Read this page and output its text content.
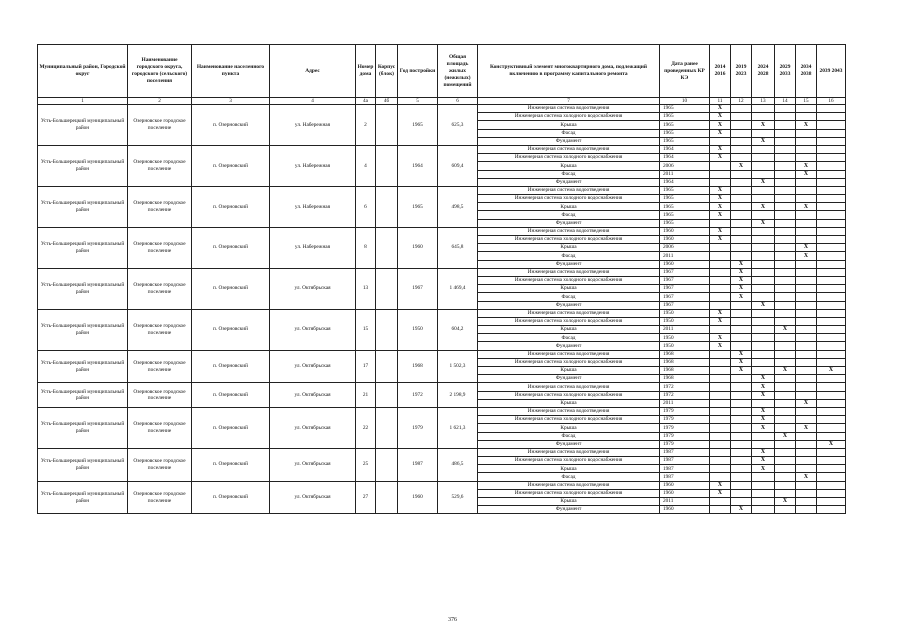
Муниципальный район, Городской округ	Наименование городского округа, городского (сельского) поселения	Наименование населенного пункта	Адрес	Номер дома	Корпус (блок)	Год постройки	Общая площадь жилых (нежилых) помещений	Конструктивный элемент многоквартирного дома, подлежащий включению в программу капитального ремонта	Дата ранее проведенных КР КЭ	2014 2016	2019 2023	2024 2028	2029 2033	2034 2038	2039 2043
1	2	3	4	4а	4б	5	6	7	10	11	12	13	14	15	16
Усть-Большерецкий муниципальный район	Озерновское городское поселение	п. Озерновский	ул. Набережная	2		1965	625,3	Инженерная система водоотведения	1965	X					
								Инженерная система холодного водоснабжения	1965	X					
								Крыша	1965	X		X		X	
								Фасад	1965	X					
								Фундамент	1965			X			
Усть-Большерецкий муниципальный район	Озерновское городское поселение	п. Озерновский	ул. Набережная	4		1964	609,4	Инженерная система водоотведения	1964	X					
								Инженерная система холодного водоснабжения	1964	X					
								Крыша	2006		X			X	
								Фасад	2011					X	
								Фундамент	1964			X			
Усть-Большерецкий муниципальный район	Озерновское городское поселение	п. Озерновский	ул. Набережная	6		1965	498,5	Инженерная система водоотведения	1965	X					
								Инженерная система холодного водоснабжения	1965	X					
								Крыша	1965	X		X		X	
								Фасад	1965	X					
								Фундамент	1965			X			
Усть-Большерецкий муниципальный район	Озерновское городское поселение	п. Озерновский	ул. Набережная	8		1960	645,8	Инженерная система водоотведения	1960	X					
								Инженерная система холодного водоснабжения	1960	X					
								Крыша	2006					X	
								Фасад	2011					X	
								Фундамент	1960		X				
Усть-Большерецкий муниципальный район	Озерновское городское поселение	п. Озерновский	ул. Октябрьская	13		1967	1 469,4	Инженерная система водоотведения	1967		X				
								Инженерная система холодного водоснабжения	1967		X				
								Крыша	1967		X				
								Фасад	1967		X				
								Фундамент	1967			X			
Усть-Большерецкий муниципальный район	Озерновское городское поселение	п. Озерновский	ул. Октябрьская	15		1950	604,2	Инженерная система водоотведения	1950	X					
								Инженерная система холодного водоснабжения	1950	X					
								Крыша	2011				X		
								Фасад	1950	X					
								Фундамент	1950	X					
Усть-Большерецкий муниципальный район	Озерновское городское поселение	п. Озерновский	ул. Октябрьская	17		1968	1 502,3	Инженерная система водоотведения	1968		X				
								Инженерная система холодного водоснабжения	1968		X				
								Крыша	1968		X		X		X
								Фундамент	1968			X			
Усть-Большерецкий муниципальный район	Озерновское городское поселение	п. Озерновский	ул. Октябрьская	21		1972	2 198,9	Инженерная система водоотведения	1972			X			
								Инженерная система холодного водоснабжения	1972			X			
								Крыша	2011					X	
Усть-Большерецкий муниципальный район	Озерновское городское поселение	п. Озерновский	ул. Октябрьская	22		1979	1 621,3	Инженерная система водоотведения	1979			X			
								Инженерная система холодного водоснабжения	1979			X			
								Крыша	1979			X		X	
								Фасад	1979				X		
								Фундамент	1979						X
Усть-Большерецкий муниципальный район	Озерновское городское поселение	п. Озерновский	ул. Октябрьская	25		1987	486,5	Инженерная система водоотведения	1987			X			
								Инженерная система холодного водоснабжения	1987			X			
								Крыша	1987			X			
								Фасад	1987					X	
Усть-Большерецкий муниципальный район	Озерновское городское поселение	п. Озерновский	ул. Октябрьская	27		1960	529,6	Инженерная система водоотведения	1960	X					
								Инженерная система холодного водоснабжения	1960	X					
								Крыша	2011				X		
								Фундамент	1960		X				
376
